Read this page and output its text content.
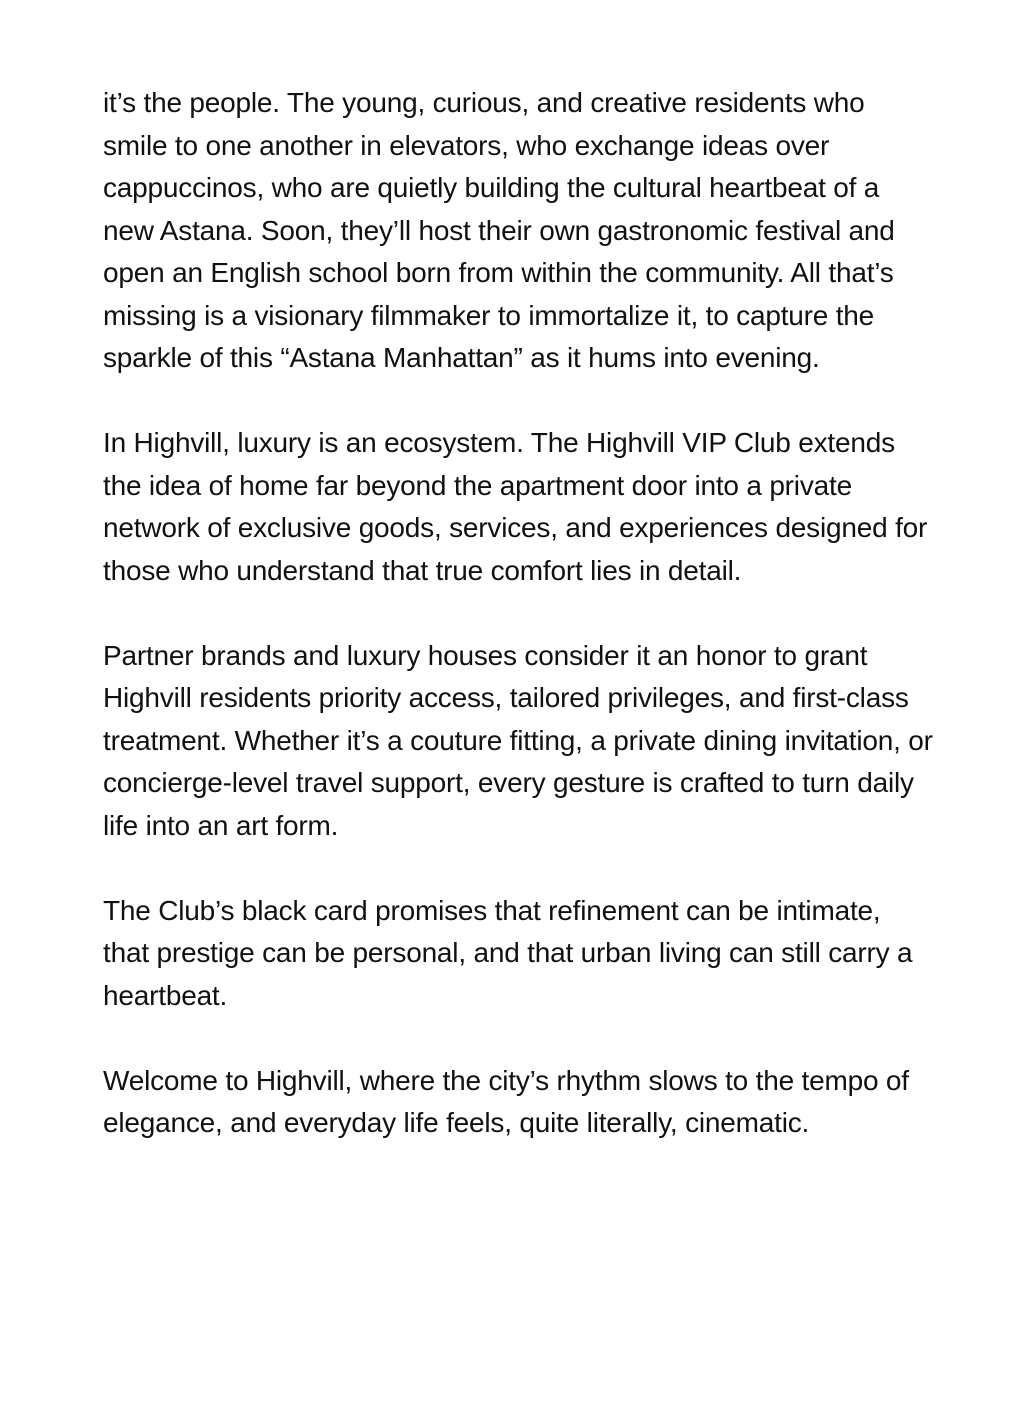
it’s the people. The young, curious, and creative residents who smile to one another in elevators, who exchange ideas over cappuccinos, who are quietly building the cultural heartbeat of a new Astana. Soon, they’ll host their own gastronomic festival and open an English school born from within the community. All that’s missing is a visionary filmmaker to immortalize it, to capture the sparkle of this “Astana Manhattan” as it hums into evening.

In Highvill, luxury is an ecosystem. The Highvill VIP Club extends the idea of home far beyond the apartment door into a private network of exclusive goods, services, and experiences designed for those who understand that true comfort lies in detail.

Partner brands and luxury houses consider it an honor to grant Highvill residents priority access, tailored privileges, and first-class treatment. Whether it’s a couture fitting, a private dining invitation, or concierge-level travel support, every gesture is crafted to turn daily life into an art form.

The Club’s black card promises that refinement can be intimate, that prestige can be personal, and that urban living can still carry a heartbeat.

Welcome to Highvill, where the city’s rhythm slows to the tempo of elegance, and everyday life feels, quite literally, cinematic.
